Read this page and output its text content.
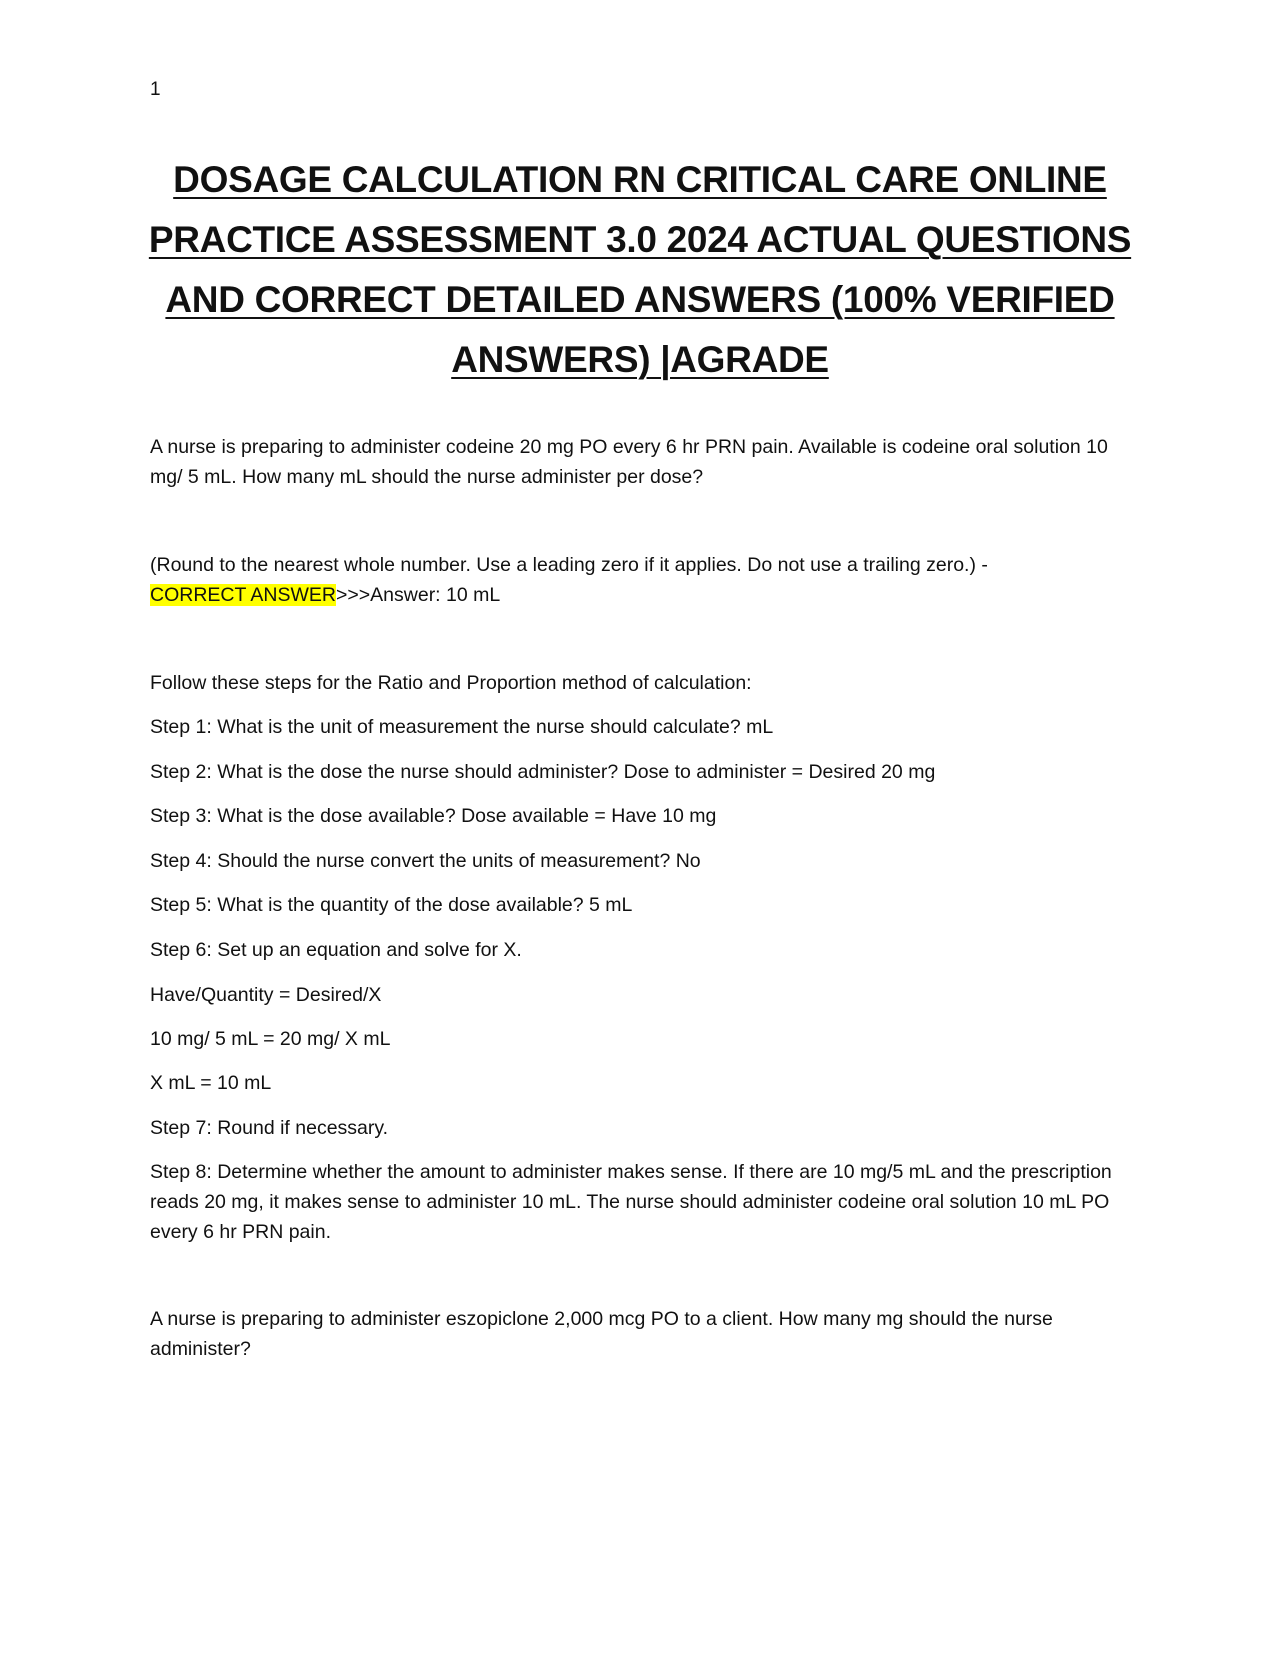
1
DOSAGE CALCULATION RN CRITICAL CARE ONLINE PRACTICE ASSESSMENT 3.0 2024 ACTUAL QUESTIONS AND CORRECT DETAILED ANSWERS (100% VERIFIED ANSWERS) |AGRADE

A nurse is preparing to administer codeine 20 mg PO every 6 hr PRN pain. Available is codeine oral solution 10 mg/ 5 mL. How many mL should the nurse administer per dose?

(Round to the nearest whole number. Use a leading zero if it applies. Do not use a trailing zero.) -
CORRECT ANSWER>>>Answer: 10 mL

Follow these steps for the Ratio and Proportion method of calculation:

Step 1: What is the unit of measurement the nurse should calculate? mL

Step 2: What is the dose the nurse should administer? Dose to administer = Desired 20 mg

Step 3: What is the dose available? Dose available = Have 10 mg

Step 4: Should the nurse convert the units of measurement? No

Step 5: What is the quantity of the dose available? 5 mL

Step 6: Set up an equation and solve for X.

Have/Quantity = Desired/X

10 mg/ 5 mL = 20 mg/ X mL

X mL = 10 mL

Step 7: Round if necessary.

Step 8: Determine whether the amount to administer makes sense. If there are 10 mg/5 mL and the prescription reads 20 mg, it makes sense to administer 10 mL. The nurse should administer codeine oral solution 10 mL PO every 6 hr PRN pain.

A nurse is preparing to administer eszopiclone 2,000 mcg PO to a client. How many mg should the nurse administer?
